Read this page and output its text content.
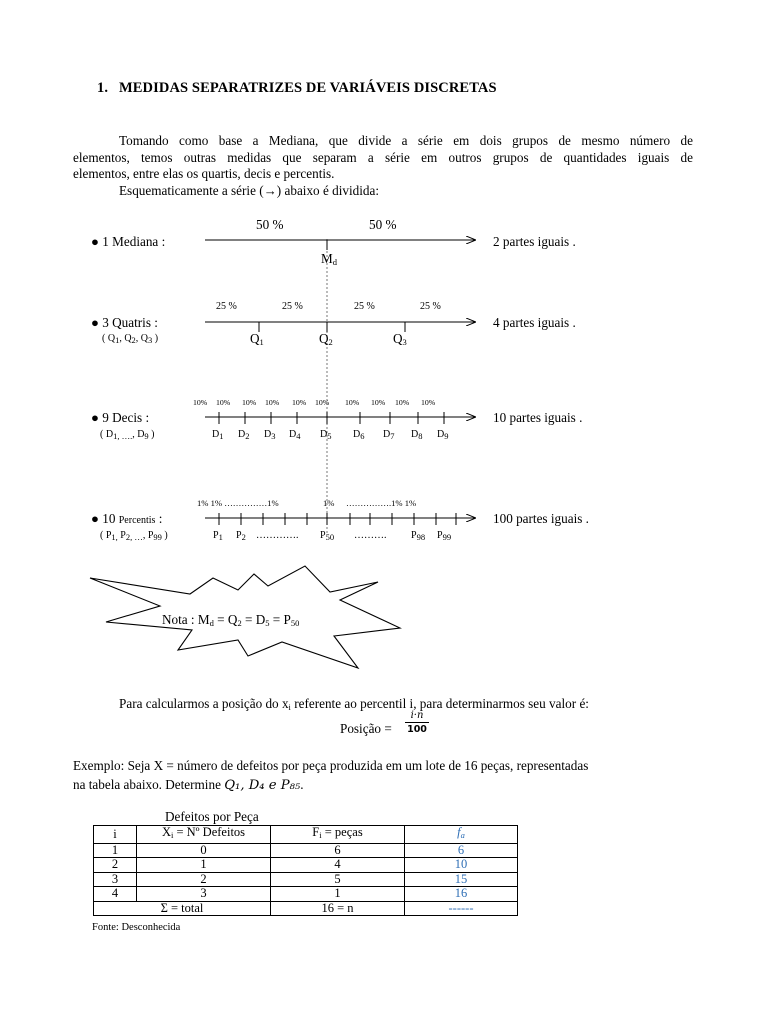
1. MEDIDAS SEPARATRIZES DE VARIÁVEIS DISCRETAS
Tomando como base a Mediana, que divide a série em dois grupos de mesmo número de
elementos, temos outras medidas que separam a série em outros grupos de quantidades iguais de
elementos, entre elas os quartis, decis e percentis.
Esquematicamente a série (→) abaixo é dividida:
50 %	50 %
● 1 Mediana :
$M_d$
2 partes iguais .
25 %	25 %	25 %	25 %
● 3 Quatris :
( $Q_1$, $Q_2$, $Q_3$ )	$Q_1$	$Q_2$	$Q_3$
4 partes iguais .
10% 10% 10% 10% 10% 10% 10% 10% 10% 10%
● 9 Decis :
( $D_{1, \dots.}$, $D_9$ )	$D_1$ $D_2$ $D_3$ $D_4$ $D_5$ $D_6$ $D_7$ $D_8$ $D_9$
10 partes iguais .
1% 1% ……………1%	1% …………….1% 1%
● 10 Percentis :
( $P_{1,}$ $P_{2, \dots}$, $P_{99}$ )	$P_1$ $P_2$ …………. $P_{50}$ ………. $P_{98}$ $P_{99}$
100 partes iguais .
Nota : $M_d = Q_2 = D_5 = P_{50}$
Para calcularmos a posição do $x_i$ referente ao percentil i, para determinarmos seu valor é:
Posição = $\frac{i\cdot n}{100}$
Exemplo: Seja X = número de defeitos por peça produzida em um lote de 16 peças, representadas
na tabela abaixo. Determine Q₁, D₄ e P₈₅.
Defeitos por Peça
i	$X_i$ = Nº Defeitos	$F_i$ = peças	$f_a$
1	0	6	6
2	1	4	10
3	2	5	15
4	3	1	16
Σ = total		16 = n	------
Fonte: Desconhecida
